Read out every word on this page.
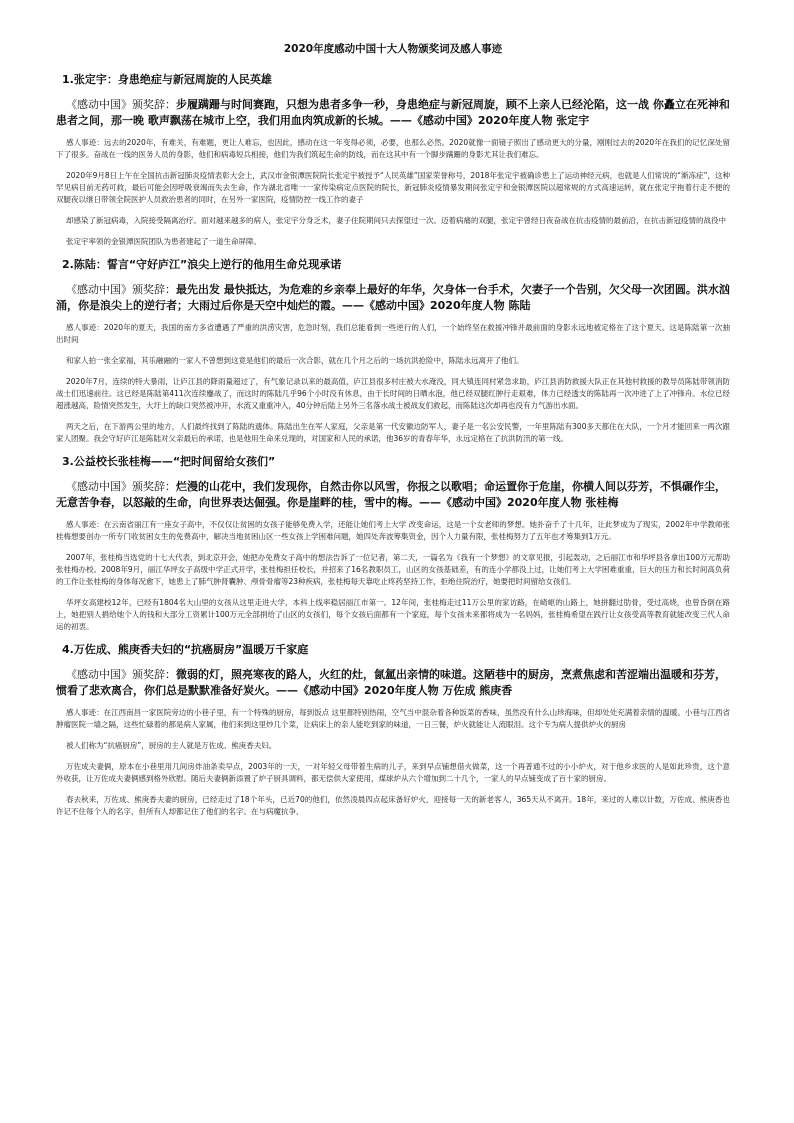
2020年度感动中国十大人物颁奖词及感人事迹
1.张定宇：身患绝症与新冠周旋的人民英雄
《感动中国》颁奖辞：步履蹒跚与时间赛跑，只想为患者多争一秒，身患绝症与新冠周旋，顾不上亲人已经沦陷，这一战 你矗立在死神和患者之间，那一晚 歌声飘荡在城市上空，我们用血肉筑成新的长城。——《感动中国》2020年度人物 张定宇

感人事迹：远去的2020年，有难关，有难题，更让人难忘，也因此，感动在这一年变得必须，必要，也那么必然。2020就像一面镜子照出了感动更大的分量，刚刚过去的2020年在我们的记忆深处留下了很多。奋战在一线的医务人员的身影，他们和病毒短兵相接，他们为我们筑起生命的防线，而在这其中有一个脚步蹒跚的身影尤其让我们难忘。

2020年9月8日上午在全国抗击新冠肺炎疫情表彰大会上，武汉市金银潭医院院长张定宇被授予“人民英雄”国家荣誉称号，2018年张定宇被确诊患上了运动神经元病，也就是人们常说的“渐冻症”，这种罕见病目前无药可救，最后可能会因呼吸衰竭而失去生命，作为湖北省唯一一家传染病定点医院的院长，新冠肺炎疫情暴发期间张定宇和金银潭医院以超常规的方式高速运转，就在张定宇拖着行走不便的双腿夜以继日带领全院医护人员救治患者的同时，在另外一家医院，疫情防控一线工作的妻子

却感染了新冠病毒，入院接受隔离治疗。面对越来越多的病人，张定宇分身乏术，妻子住院期间只去探望过一次。迈着病痛的双腿，张定宇曾经日夜奋战在抗击疫情的最前沿，在抗击新冠疫情的战役中

张定宇率领的金银潭医院团队为患者建起了一道生命屏障。

2.陈陆：誓言“守好庐江”浪尖上逆行的他用生命兑现承诺
《感动中国》颁奖辞：最先出发 最快抵达，为危难的乡亲奉上最好的年华，欠身体一台手术，欠妻子一个告别，欠父母一次团圆。洪水汹涌，你是浪尖上的逆行者；大雨过后你是天空中灿烂的霞。——《感动中国》2020年度人物 陈陆

感人事迹：2020年的夏天，我国的南方多省遭遇了严重的洪涝灾害，危急时刻，我们总能看到一些逆行的人们，一个始终坚在救援冲锋并最前面的身影永远地被定格在了这个夏天。这是陈陆第一次抽出时间

和家人拍一张全家福，其乐融融的一家人不曾想到这竟是他们的最后一次合影，就在几个月之后的一场抗洪抢险中，陈陆永远离开了他们。

2020年7月，连续的特大暴雨，让庐江县的降雨量超过了，有气象记录以来的最高值，庐江县很多村庄被大水淹没，同大镇连同村紧急求助，庐江县消防救援大队正在其他村救援的教导员陈陆带领消防战士们迅速前往。这已经是陈陆第411次连续鏖战了，而这时的陈陆几乎96个小时没有休息，由于长时间的日晒水泡，他已经双腿红肿行走艰难，体力已经透支的陈陆再一次冲进了上了冲锋舟。水位已经超涨越高，险情突然发生，大圩上的缺口突然被冲开，水流又重重冲入，40分钟后陆上另外三名落水战士被战友们救起，而陈陆这次却再也没有力气游出水面。

两天之后，在下游两公里的地方，人们最终找到了陈陆的遗体。陈陆出生在军人家庭，父亲是第一代安徽边防军人，妻子是一名公安民警，一年里陈陆有300多天都住在大队，一个月才能回来一两次跟家人团聚。我会守好庐江是陈陆对父亲最后的承诺，也是他用生命来兑现的，对国家和人民的承诺，他36岁的青春年华，永远定格在了抗洪防汛的第一线。

3.公益校长张桂梅——“把时间留给女孩们”
《感动中国》颁奖辞：烂漫的山花中，我们发现你，自然击你以风雪，你报之以歌唱；命运置你于危崖，你横人间以芬芳，不惧碾作尘，无意苦争春，以怒敲的生命，向世界表达倔强。你是崖畔的桂，雪中的梅。——《感动中国》2020年度人物 张桂梅

感人事迹：在云南省丽江有一座女子高中，不仅仅让贫困的女孩子能够免费入学，还能让她们考上大学 改变命运，这是一个女老师的梦想。她扑奋千了十几年，让此梦成为了现实，2002年中学教师张桂梅想要创办一所专门收贫困女生的免费高中，解决当地贫困山区一些女孩上学困难问题，她四处奔波筹集资金，因个人力量有限，张桂梅努力了五年也才筹集到1万元。

2007年，张桂梅当选党的十七大代表，到北京开会，她把办免费女子高中的想法告诉了一位记者，第二天，一篇名为《我有一个梦想》的文章见报，引起轰动，之后丽江市和华坪县各拿出100万元帮助张桂梅办校。2008年9月，丽江华坪女子高级中学正式开学，张桂梅担任校长，并招来了16名教职员工，山区的女孩基础差，有的连小学都没上过，让她们考上大学困难重重，巨大的压力和长时间高负荷的工作让张桂梅的身体每况愈下，她患上了肺气肿肾囊肿、颅骨骨瘤等23种疾病，张桂梅每天靠吃止疼药坚持工作，拒绝住院治疗，她要把时间留给女孩们。

华坪女高建校12年，已经有1804名大山里的女孩从这里走进大学，本科上线率稳居丽江市第一。12年间，张桂梅走过11万公里的家访路，在崎岖的山路上，她拼翻过肋骨，受过高烧，也曾昏倒在路上，她把别人捐给她个人的钱和大部分工资累计100万元全部捐给了山区的女孩们，每个女孩后面都有一个家庭，每个女孩未来都将成为一名妈妈，张桂梅希望在践行让女孩受高等教育就能改变三代人命运的初衷。

4.万佐成、熊庚香夫妇的“抗癌厨房”温暖万千家庭
《感动中国》颁奖辞：微弱的灯，照亮寒夜的路人，火红的灶，氤氲出亲情的味道。这陋巷中的厨房，烹煮焦虑和苦涩端出温暖和芬芳，惯看了悲欢离合，你们总是默默准备好炭火。——《感动中国》2020年度人物 万佐成 熊庚香

感人事迹：在江西南昌一家医院旁边的小巷子里，有一个特殊的厨房，每到饭点 这里都特别热闹，空气当中混杂着各种饭菜的香味，虽然没有什么山珍海味，但却处处充满着亲情的温暖。小巷与江西省肿瘤医院一墙之隔，这些忙碌着的都是病人家属，他们来到这里炒几个菜，让病床上的亲人能吃到家的味道，一日三餐，炉火就能让人流眼泪。这个专为病人提供炉火的厨房

被人们称为“抗癌厨房”，厨房的主人就是万佐成、熊庚香夫妇。

万佐成夫妻俩，原本在小巷里用几间房炸油条卖早点，2003年的一天，一对年轻父母带着生病的儿子，来到早点铺想借火做菜，这一个再普通不过的小小炉火，对于他乡求医的人是如此珍贵，这个意外收获，让万佐成夫妻俩感到格外欣慰。随后夫妻俩新添置了炉子厨具调料，都无偿供大家使用，煤球炉从六个增加到二十几个，一家人的早点铺变成了百十家的厨房。

春去秋来，万佐成、熊庚香夫妻的厨房，已经走过了18个年头，已近70的他们，依然凌晨四点起床备好炉火，迎接每一天的新老客人，365天从不离开。18年，来过的人难以计数，万佐成、熊庚香也许记不住每个人的名字，但所有人却都记住了他们的名字。在与病魔抗争、
